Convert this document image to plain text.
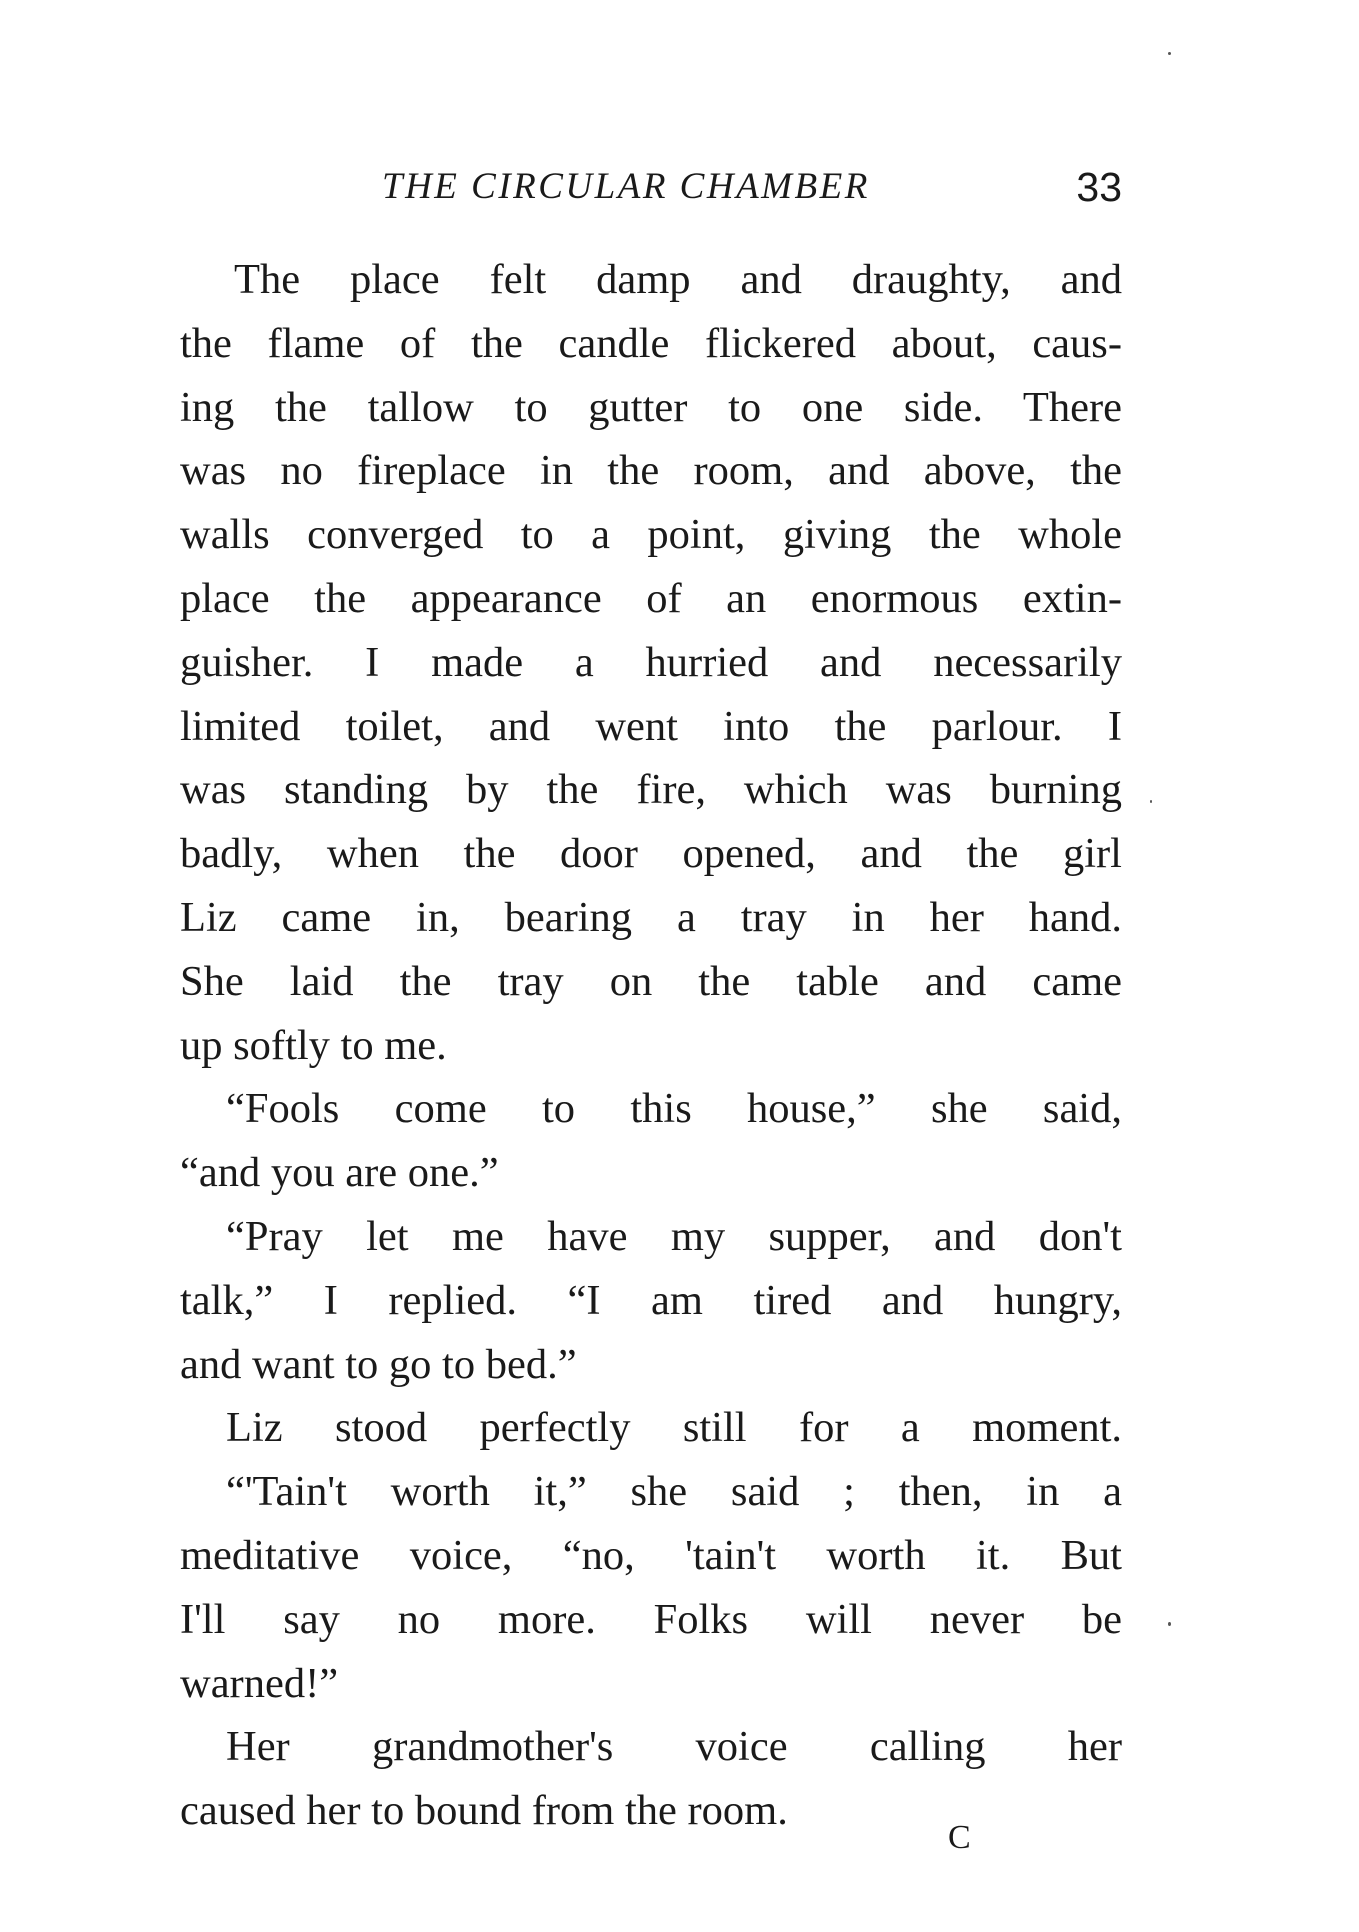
THE CIRCULAR CHAMBER	33
The place felt damp and draughty, and
the flame of the candle flickered about, caus-
ing the tallow to gutter to one side. There
was no fireplace in the room, and above, the
walls converged to a point, giving the whole
place the appearance of an enormous extin-
guisher. I made a hurried and necessarily
limited toilet, and went into the parlour. I
was standing by the fire, which was burning
badly, when the door opened, and the girl
Liz came in, bearing a tray in her hand.
She laid the tray on the table and came
up softly to me.
“Fools come to this house,” she said,
“and you are one.”
“Pray let me have my supper, and don't
talk,” I replied. “I am tired and hungry,
and want to go to bed.”
Liz stood perfectly still for a moment.
“'Tain't worth it,” she said ; then, in a
meditative voice, “no, 'tain't worth it. But
I'll say no more. Folks will never be
warned!”
Her grandmother's voice calling her
caused her to bound from the room.
C
